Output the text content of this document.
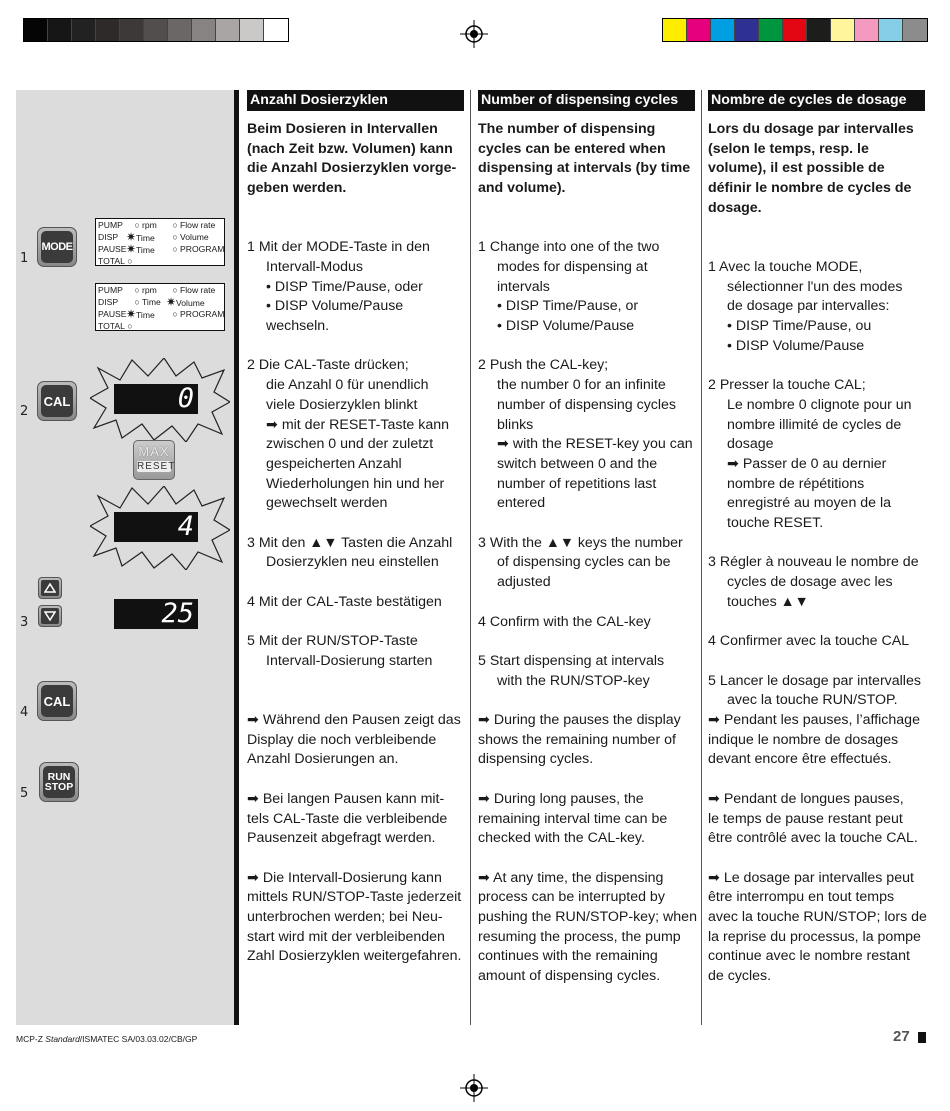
1
2
3
4
5
MODE
PUMP ○ rpm ○ Flow rate
DISP ✷Time ○ Volume
PAUSE ✷Time ○ PROGRAM
TOTAL ○
PUMP ○ rpm ○ Flow rate
DISP ○ Time ✷Volume
PAUSE ✷Time ○ PROGRAM
TOTAL ○
CAL	0
MAX
RESET
4
25
CAL
RUN
STOP
Anzahl Dosierzyklen
Beim Dosieren in Intervallen
(nach Zeit bzw. Volumen) kann
die Anzahl Dosierzyklen vorge-
geben werden.
1 Mit der MODE-Taste in den
Intervall-Modus
• DISP Time/Pause, oder
• DISP Volume/Pause
wechseln.
2 Die CAL-Taste drücken;
die Anzahl 0 für unendlich
viele Dosierzyklen blinkt
➡ mit der RESET-Taste kann
zwischen 0 und der zuletzt
gespeicherten Anzahl
Wiederholungen hin und her
gewechselt werden
3 Mit den ▲▼ Tasten die Anzahl
Dosierzyklen neu einstellen
4 Mit der CAL-Taste bestätigen
5 Mit der RUN/STOP-Taste
Intervall-Dosierung starten
➡ Während den Pausen zeigt das
Display die noch verbleibende
Anzahl Dosierungen an.
➡ Bei langen Pausen kann mit-
tels CAL-Taste die verbleibende
Pausenzeit abgefragt werden.
➡ Die Intervall-Dosierung kann
mittels RUN/STOP-Taste jederzeit
unterbrochen werden; bei Neu-
start wird mit der verbleibenden
Zahl Dosierzyklen weitergefahren.
Number of dispensing cycles
The number of dispensing
cycles can be entered when
dispensing at intervals (by time
and volume).
1 Change into one of the two
modes for dispensing at
intervals
• DISP Time/Pause, or
• DISP Volume/Pause
2 Push the CAL-key;
the number 0 for an infinite
number of dispensing cycles
blinks
➡ with the RESET-key you can
switch between 0 and the
number of repetitions last
entered
3 With the ▲▼ keys the number
of dispensing cycles can be
adjusted
4 Confirm with the CAL-key
5 Start dispensing at intervals
with the RUN/STOP-key
➡ During the pauses the display
shows the remaining number of
dispensing cycles.
➡ During long pauses, the
remaining interval time can be
checked with the CAL-key.
➡ At any time, the dispensing
process can be interrupted by
pushing the RUN/STOP-key; when
resuming the process, the pump
continues with the remaining
amount of dispensing cycles.
Nombre de cycles de dosage
Lors du dosage par intervalles
(selon le temps, resp. le
volume), il est possible de
définir le nombre de cycles de
dosage.
1 Avec la touche MODE,
sélectionner l'un des modes
de dosage par intervalles:
• DISP Time/Pause, ou
• DISP Volume/Pause
2 Presser la touche CAL;
Le nombre 0 clignote pour un
nombre illimité de cycles de
dosage
➡ Passer de 0 au dernier
nombre de répétitions
enregistré au moyen de la
touche RESET.
3 Régler à nouveau le nombre de
cycles de dosage avec les
touches ▲▼
4 Confirmer avec la touche CAL
5 Lancer le dosage par intervalles
avec la touche RUN/STOP.
➡ Pendant les pauses, l’affichage
indique le nombre de dosages
devant encore être effectués.
➡ Pendant de longues pauses,
le temps de pause restant peut
être contrôlé avec la touche CAL.
➡ Le dosage par intervalles peut
être interrompu en tout temps
avec la touche RUN/STOP; lors de
la reprise du processus, la pompe
continue avec le nombre restant
de cycles.
MCP-Z Standard/ISMATEC SA/03.03.02/CB/GP	27
